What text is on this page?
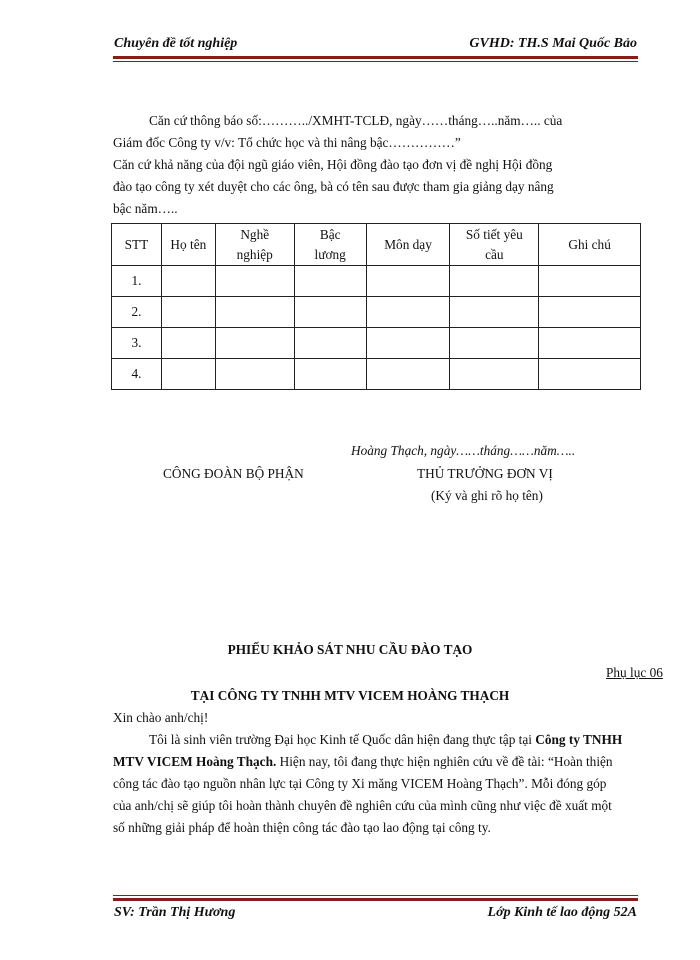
Chuyên đề tốt nghiệp	GVHD: TH.S Mai Quốc Bảo
Căn cứ thông báo số:………../XMHT-TCLĐ, ngày……tháng…..năm….. của
Giám đốc Công ty v/v: Tổ chức học và thi nâng bậc……………”
Căn cứ khả năng của đội ngũ giáo viên, Hội đồng đào tạo đơn vị đề nghị Hội đồng
đào tạo công ty xét duyệt cho các ông, bà có tên sau được tham gia giảng dạy nâng
bậc năm…..
STT	Họ tên	Nghề nghiệp	Bậc lương	Môn dạy	Số tiết yêu cầu	Ghi chú
1.						
2.						
3.						
4.						
Hoàng Thạch, ngày……tháng……năm…..
CÔNG ĐOÀN BỘ PHẬN	THỦ TRƯỞNG ĐƠN VỊ
(Ký và ghi rõ họ tên)
PHIẾU KHẢO SÁT NHU CẦU ĐÀO TẠO
Phụ lục 06
TẠI CÔNG TY TNHH MTV VICEM HOÀNG THẠCH
Xin chào anh/chị!
Tôi là sinh viên trường Đại học Kinh tế Quốc dân hiện đang thực tập tại Công ty TNHH
MTV VICEM Hoàng Thạch. Hiện nay, tôi đang thực hiện nghiên cứu về đề tài: “Hoàn thiện
công tác đào tạo nguồn nhân lực tại Công ty Xi măng VICEM Hoàng Thạch”. Mỗi đóng góp
của anh/chị sẽ giúp tôi hoàn thành chuyên đề nghiên cứu của mình cũng như việc đề xuất một
số những giải pháp để hoàn thiện công tác đào tạo lao động tại công ty.
SV: Trần Thị Hương	Lớp Kinh tế lao động 52A
